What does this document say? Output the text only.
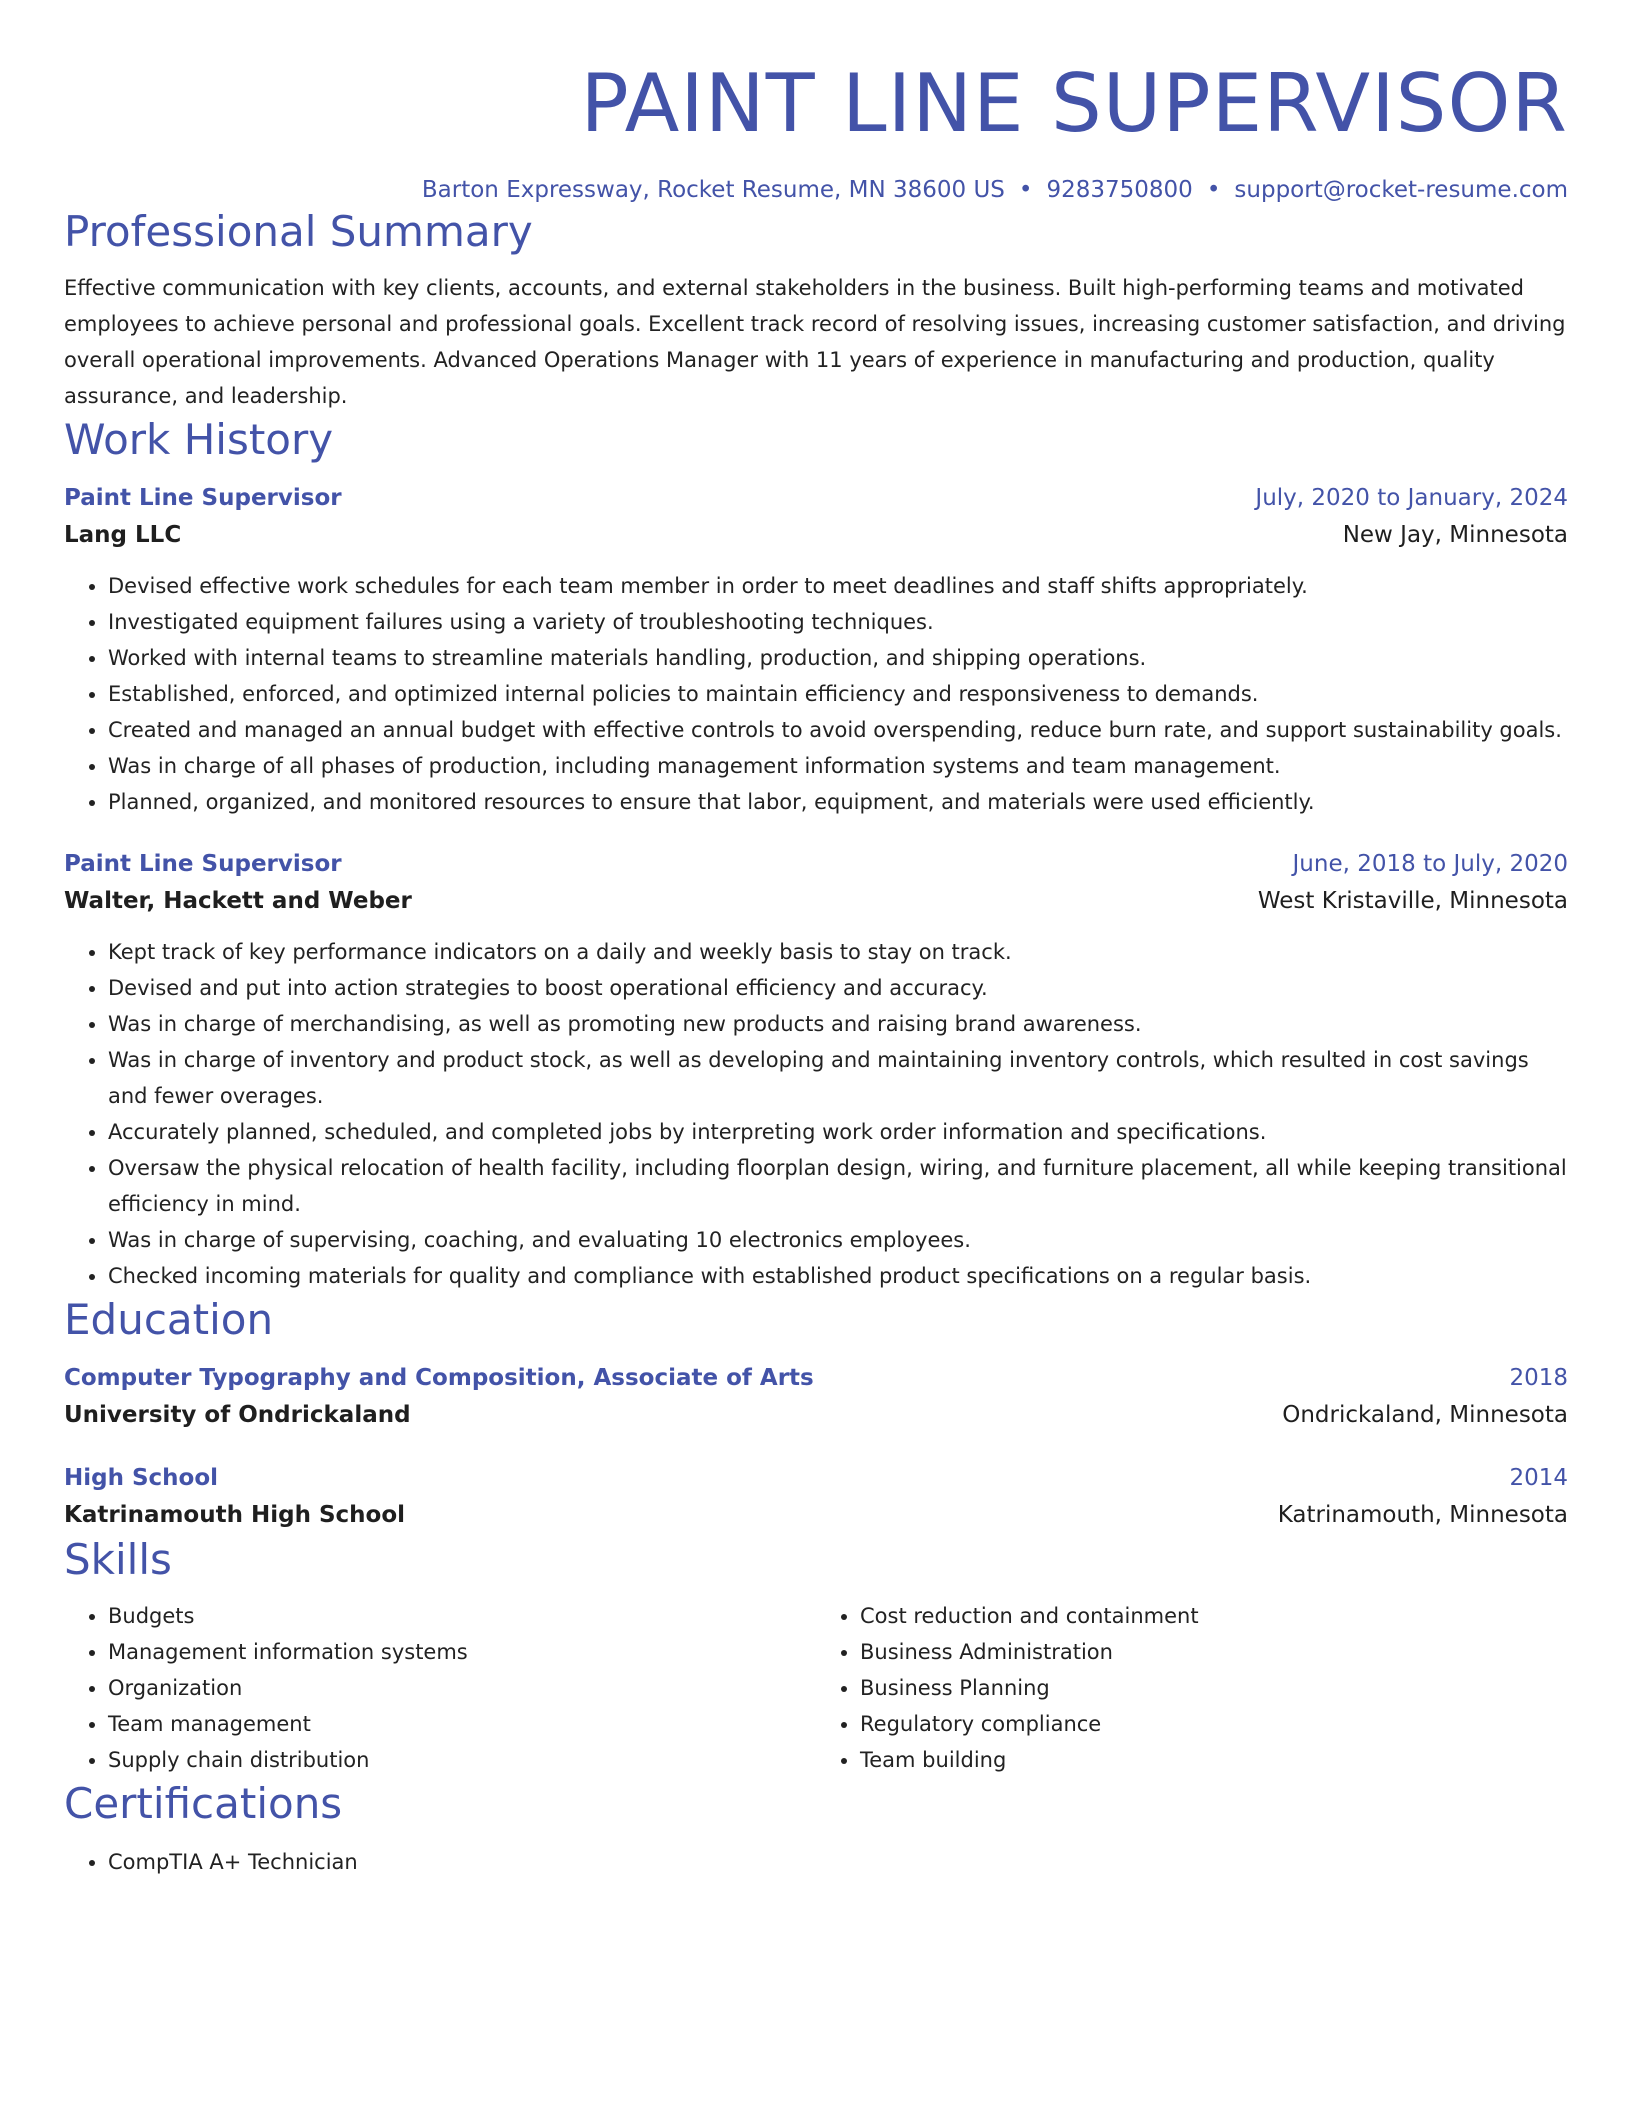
PAINT LINE SUPERVISOR
Barton Expressway, Rocket Resume, MN 38600 US • 9283750800 • support@rocket-resume.com
Professional Summary
Effective communication with key clients, accounts, and external stakeholders in the business. Built high-performing teams and motivated employees to achieve personal and professional goals. Excellent track record of resolving issues, increasing customer satisfaction, and driving overall operational improvements. Advanced Operations Manager with 11 years of experience in manufacturing and production, quality assurance, and leadership.
Work History
Paint Line Supervisor	July, 2020 to January, 2024
Lang LLC	New Jay, Minnesota
• Devised effective work schedules for each team member in order to meet deadlines and staff shifts appropriately.
• Investigated equipment failures using a variety of troubleshooting techniques.
• Worked with internal teams to streamline materials handling, production, and shipping operations.
• Established, enforced, and optimized internal policies to maintain efficiency and responsiveness to demands.
• Created and managed an annual budget with effective controls to avoid overspending, reduce burn rate, and support sustainability goals.
• Was in charge of all phases of production, including management information systems and team management.
• Planned, organized, and monitored resources to ensure that labor, equipment, and materials were used efficiently.
Paint Line Supervisor	June, 2018 to July, 2020
Walter, Hackett and Weber	West Kristaville, Minnesota
• Kept track of key performance indicators on a daily and weekly basis to stay on track.
• Devised and put into action strategies to boost operational efficiency and accuracy.
• Was in charge of merchandising, as well as promoting new products and raising brand awareness.
• Was in charge of inventory and product stock, as well as developing and maintaining inventory controls, which resulted in cost savings and fewer overages.
• Accurately planned, scheduled, and completed jobs by interpreting work order information and specifications.
• Oversaw the physical relocation of health facility, including floorplan design, wiring, and furniture placement, all while keeping transitional efficiency in mind.
• Was in charge of supervising, coaching, and evaluating 10 electronics employees.
• Checked incoming materials for quality and compliance with established product specifications on a regular basis.
Education
Computer Typography and Composition, Associate of Arts	2018
University of Ondrickaland	Ondrickaland, Minnesota
High School	2014
Katrinamouth High School	Katrinamouth, Minnesota
Skills
• Budgets
• Management information systems
• Organization
• Team management
• Supply chain distribution
• Cost reduction and containment
• Business Administration
• Business Planning
• Regulatory compliance
• Team building
Certifications
• CompTIA A+ Technician
